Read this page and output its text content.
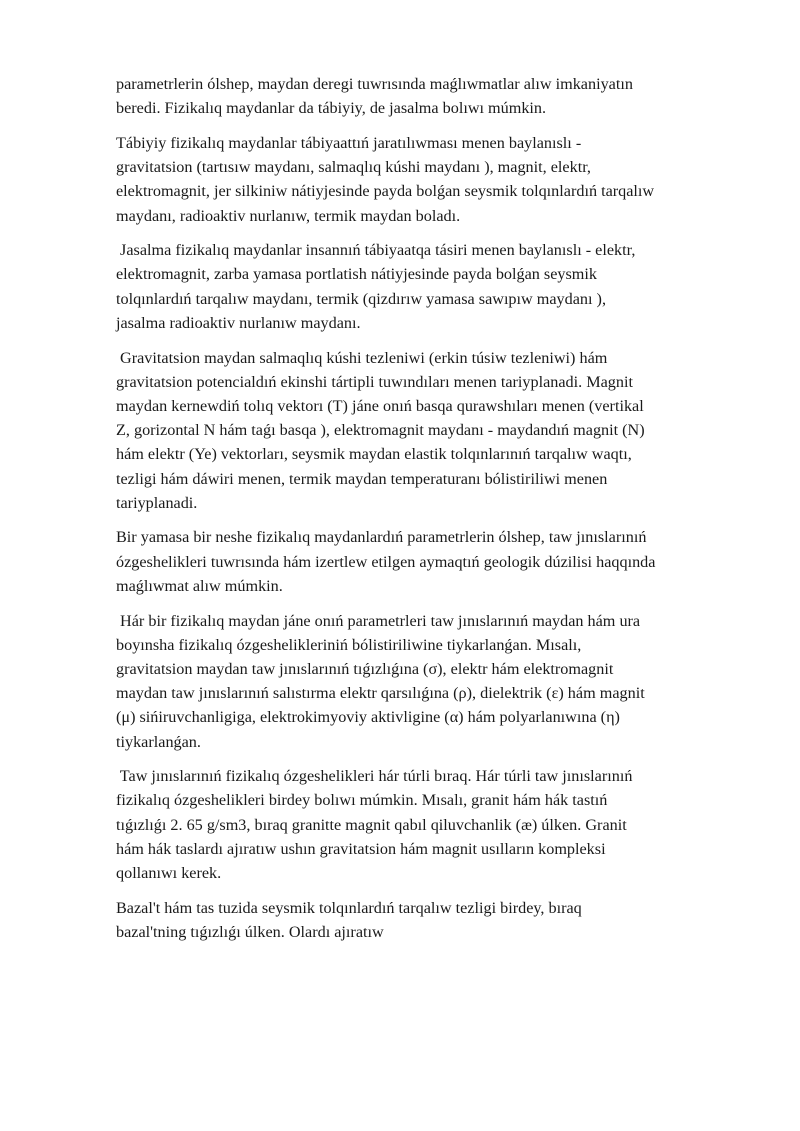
parametrlerin ólshep, maydan deregi tuwrısında maǵlıwmatlar alıw imkaniyatın
beredi. Fizikalıq maydanlar da tábiyiy, de jasalma bolıwı múmkin.

Tábiyiy fizikalıq maydanlar tábiyaattıń jaratılıwması menen baylanıslı -
gravitatsion (tartısıw maydanı, salmaqlıq kúshi maydanı ), magnit, elektr,
elektromagnit, jer silkiniw nátiyjesinde payda bolǵan seysmik tolqınlardıń tarqalıw
maydanı, radioaktiv nurlanıw, termik maydan boladı.

Jasalma fizikalıq maydanlar insannıń tábiyaatqa tásiri menen baylanıslı - elektr,
elektromagnit, zarba yamasa portlatish nátiyjesinde payda bolǵan seysmik
tolqınlardıń tarqalıw maydanı, termik (qizdırıw yamasa sawıpıw maydanı ),
jasalma radioaktiv nurlanıw maydanı.

Gravitatsion maydan salmaqlıq kúshi tezleniwi (erkin túsiw tezleniwi) hám
gravitatsion potencialdıń ekinshi tártipli tuwındıları menen tariyplanadi. Magnit
maydan kernewdiń tolıq vektorı (T) jáne onıń basqa qurawshıları menen (vertikal
Z, gorizontal N hám taǵı basqa ), elektromagnit maydanı - maydandıń magnit (N)
hám elektr (Ye) vektorları, seysmik maydan elastik tolqınlarınıń tarqalıw waqtı,
tezligi hám dáwiri menen, termik maydan temperaturanı bólistiriliwi menen
tariyplanadi.

Bir yamasa bir neshe fizikalıq maydanlardıń parametrlerin ólshep, taw jınıslarınıń
ózgeshelikleri tuwrısında hám izertlew etilgen aymaqtıń geologik dúzilisi haqqında
maǵlıwmat alıw múmkin.

Hár bir fizikalıq maydan jáne onıń parametrleri taw jınıslarınıń maydan hám ura
boyınsha fizikalıq ózgeshelikleriniń bólistiriliwine tiykarlanǵan. Mısalı,
gravitatsion maydan taw jınıslarınıń tıǵızlıǵına (σ), elektr hám elektromagnit
maydan taw jınıslarınıń salıstırma elektr qarsılıǵına (ρ), dielektrik (ε) hám magnit
(μ) sińiruvchanligiga, elektrokimyoviy aktivligine (α) hám polyarlanıwına (η)
tiykarlanǵan.

Taw jınıslarınıń fizikalıq ózgeshelikleri hár túrli bıraq. Hár túrli taw jınıslarınıń
fizikalıq ózgeshelikleri birdey bolıwı múmkin. Mısalı, granit hám hák tastıń
tıǵızlıǵı 2. 65 g/sm3, bıraq granitte magnit qabıl qiluvchanlik (æ) úlken. Granit
hám hák taslardı ajıratıw ushın gravitatsion hám magnit usılların kompleksi
qollanıwı kerek.

Bazal't hám tas tuzida seysmik tolqınlardıń tarqalıw tezligi birdey, bıraq
bazal'tning tıǵızlıǵı úlken. Olardı ajıratıw
